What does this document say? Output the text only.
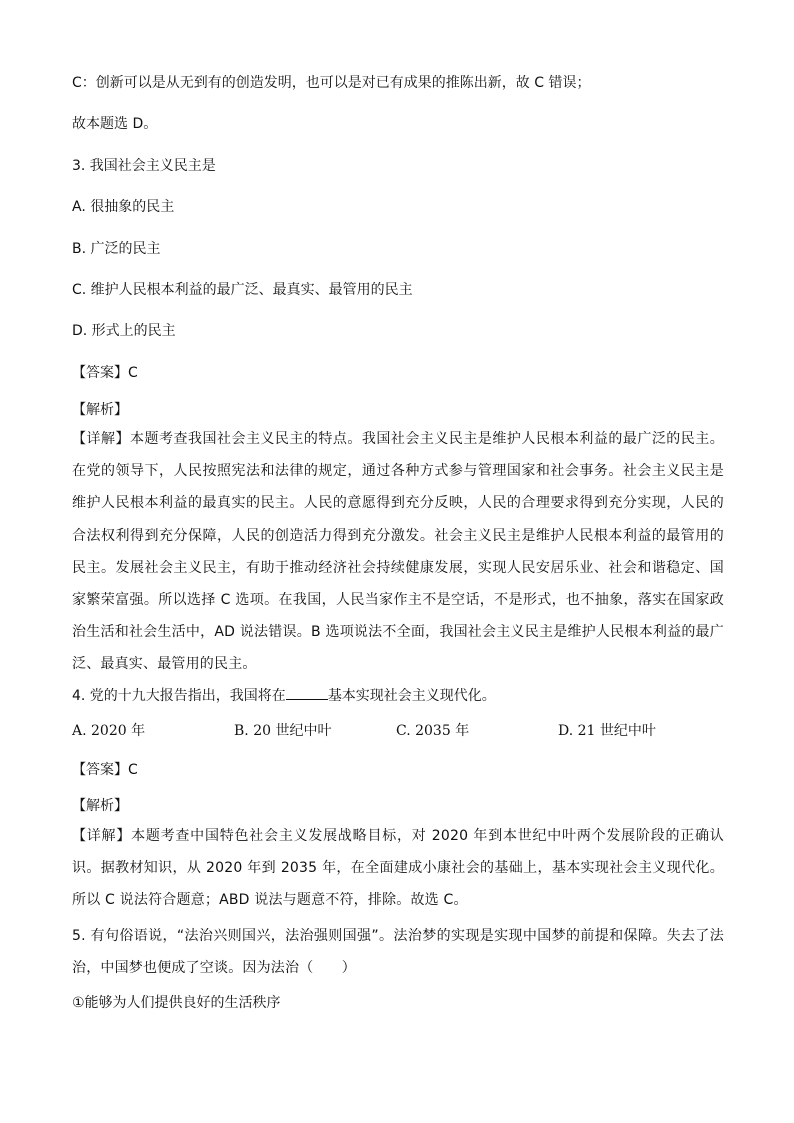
C：创新可以是从无到有的创造发明，也可以是对已有成果的推陈出新，故 C 错误；
故本题选 D。
3. 我国社会主义民主是
A. 很抽象的民主
B. 广泛的民主
C. 维护人民根本利益的最广泛、最真实、最管用的民主
D. 形式上的民主
【答案】C
【解析】
【详解】本题考查我国社会主义民主的特点。我国社会主义民主是维护人民根本利益的最广泛的民主。在党的领导下，人民按照宪法和法律的规定，通过各种方式参与管理国家和社会事务。社会主义民主是维护人民根本利益的最真实的民主。人民的意愿得到充分反映，人民的合理要求得到充分实现，人民的合法权利得到充分保障，人民的创造活力得到充分激发。社会主义民主是维护人民根本利益的最管用的民主。发展社会主义民主，有助于推动经济社会持续健康发展，实现人民安居乐业、社会和谐稳定、国家繁荣富强。所以选择 C 选项。在我国，人民当家作主不是空话，不是形式，也不抽象，落实在国家政治生活和社会生活中，AD 说法错误。B 选项说法不全面，我国社会主义民主是维护人民根本利益的最广泛、最真实、最管用的民主。
4. 党的十九大报告指出，我国将在	基本实现社会主义现代化。
A. 2020 年	B. 20 世纪中叶	C. 2035 年	D. 21 世纪中叶
【答案】C
【解析】
【详解】本题考查中国特色社会主义发展战略目标，对 2020 年到本世纪中叶两个发展阶段的正确认识。据教材知识，从 2020 年到 2035 年，在全面建成小康社会的基础上，基本实现社会主义现代化。所以 C 说法符合题意；ABD 说法与题意不符，排除。故选 C。
5. 有句俗语说，“法治兴则国兴，法治强则国强”。法治梦的实现是实现中国梦的前提和保障。失去了法治，中国梦也便成了空谈。因为法治（　　）
①能够为人们提供良好的生活秩序
